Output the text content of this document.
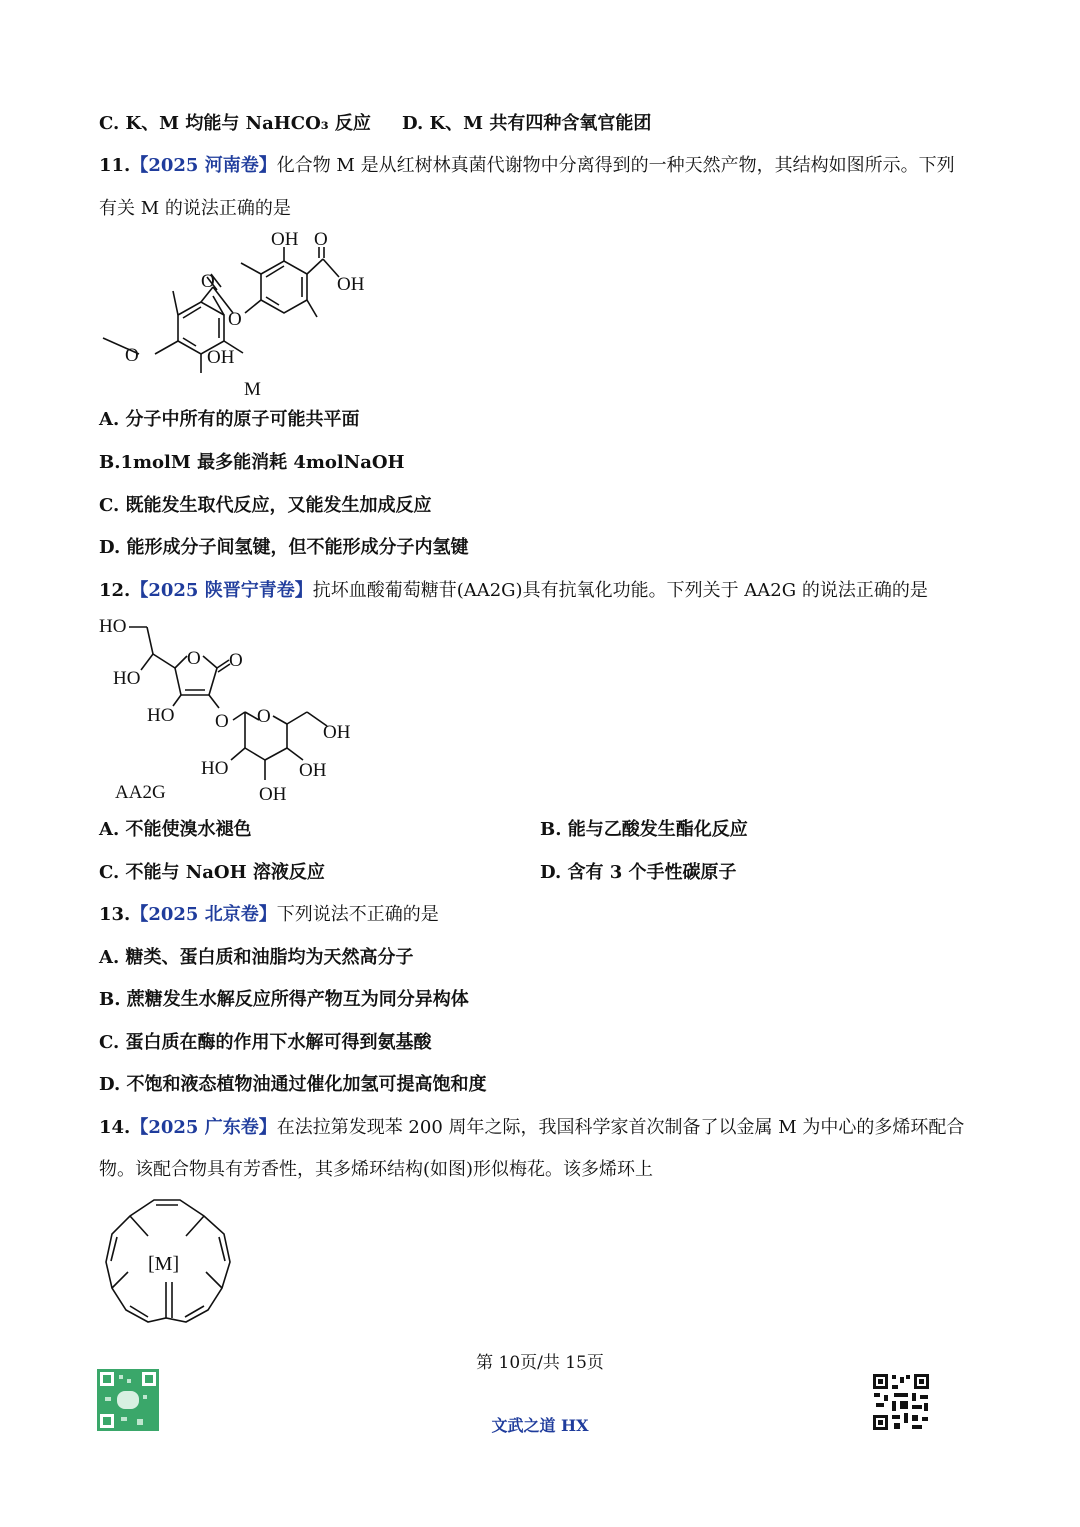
C. K、M 均能与 NaHCO₃ 反应 D. K、M 共有四种含氧官能团
11.【2025 河南卷】化合物 M 是从红树林真菌代谢物中分离得到的一种天然产物，其结构如图所示。下列
有关 M 的说法正确的是
O	OH
O
O
OH O
OH
M
A. 分子中所有的原子可能共平面
B.1molM 最多能消耗 4molNaOH
C. 既能发生取代反应，又能发生加成反应
D. 能形成分子间氢键，但不能形成分子内氢键
12.【2025 陕晋宁青卷】抗坏血酸葡萄糖苷(AA2G)具有抗氧化功能。下列关于 AA2G 的说法正确的是
HO
HO
O O
HO O O
OH
HO	OH
OH
AA2G
A. 不能使溴水褪色	B. 能与乙酸发生酯化反应
C. 不能与 NaOH 溶液反应	D. 含有 3 个手性碳原子
13.【2025 北京卷】下列说法不正确的是
A. 糖类、蛋白质和油脂均为天然高分子
B. 蔗糖发生水解反应所得产物互为同分异构体
C. 蛋白质在酶的作用下水解可得到氨基酸
D. 不饱和液态植物油通过催化加氢可提高饱和度
14.【2025 广东卷】在法拉第发现苯 200 周年之际，我国科学家首次制备了以金属 M 为中心的多烯环配合
物。该配合物具有芳香性，其多烯环结构(如图)形似梅花。该多烯环上
[M]
第 10页/共 15页
文武之道 HX
